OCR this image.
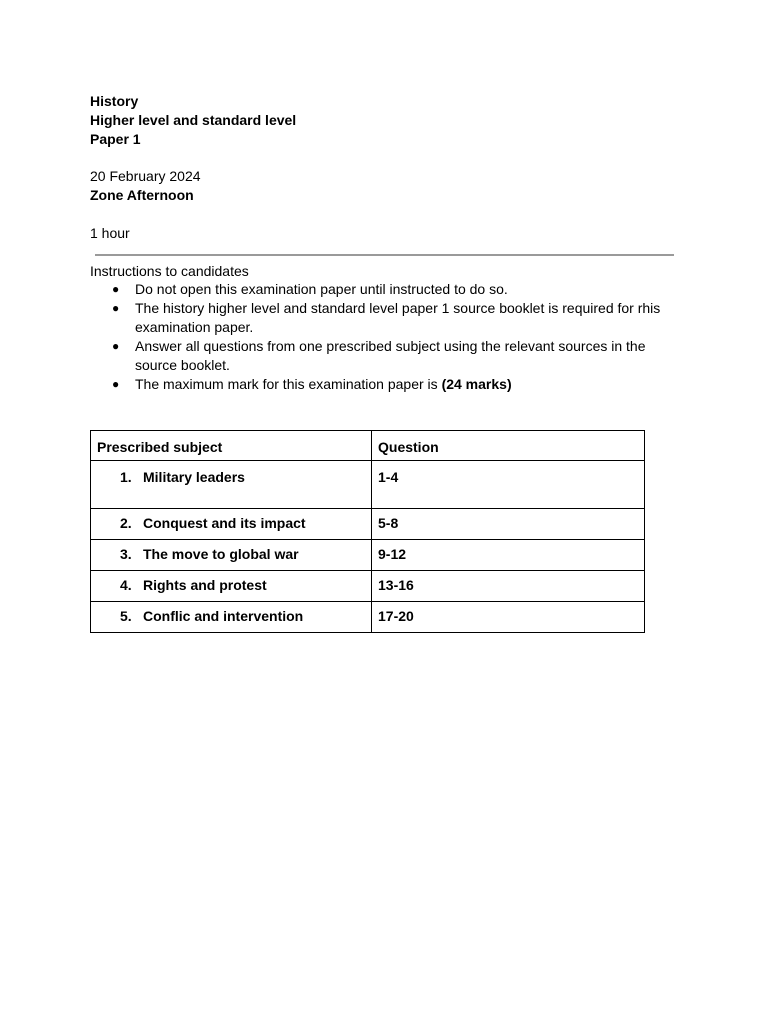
History
Higher level and standard level
Paper 1
20 February 2024
Zone Afternoon
1 hour
Instructions to candidates
● Do not open this examination paper until instructed to do so.
● The history higher level and standard level paper 1 source booklet is required for rhis examination paper.
● Answer all questions from one prescribed subject using the relevant sources in the source booklet.
● The maximum mark for this examination paper is (24 marks)
Prescribed subject	Question
1. Military leaders	1-4
2. Conquest and its impact	5-8
3. The move to global war	9-12
4. Rights and protest	13-16
5. Conflic and intervention	17-20
